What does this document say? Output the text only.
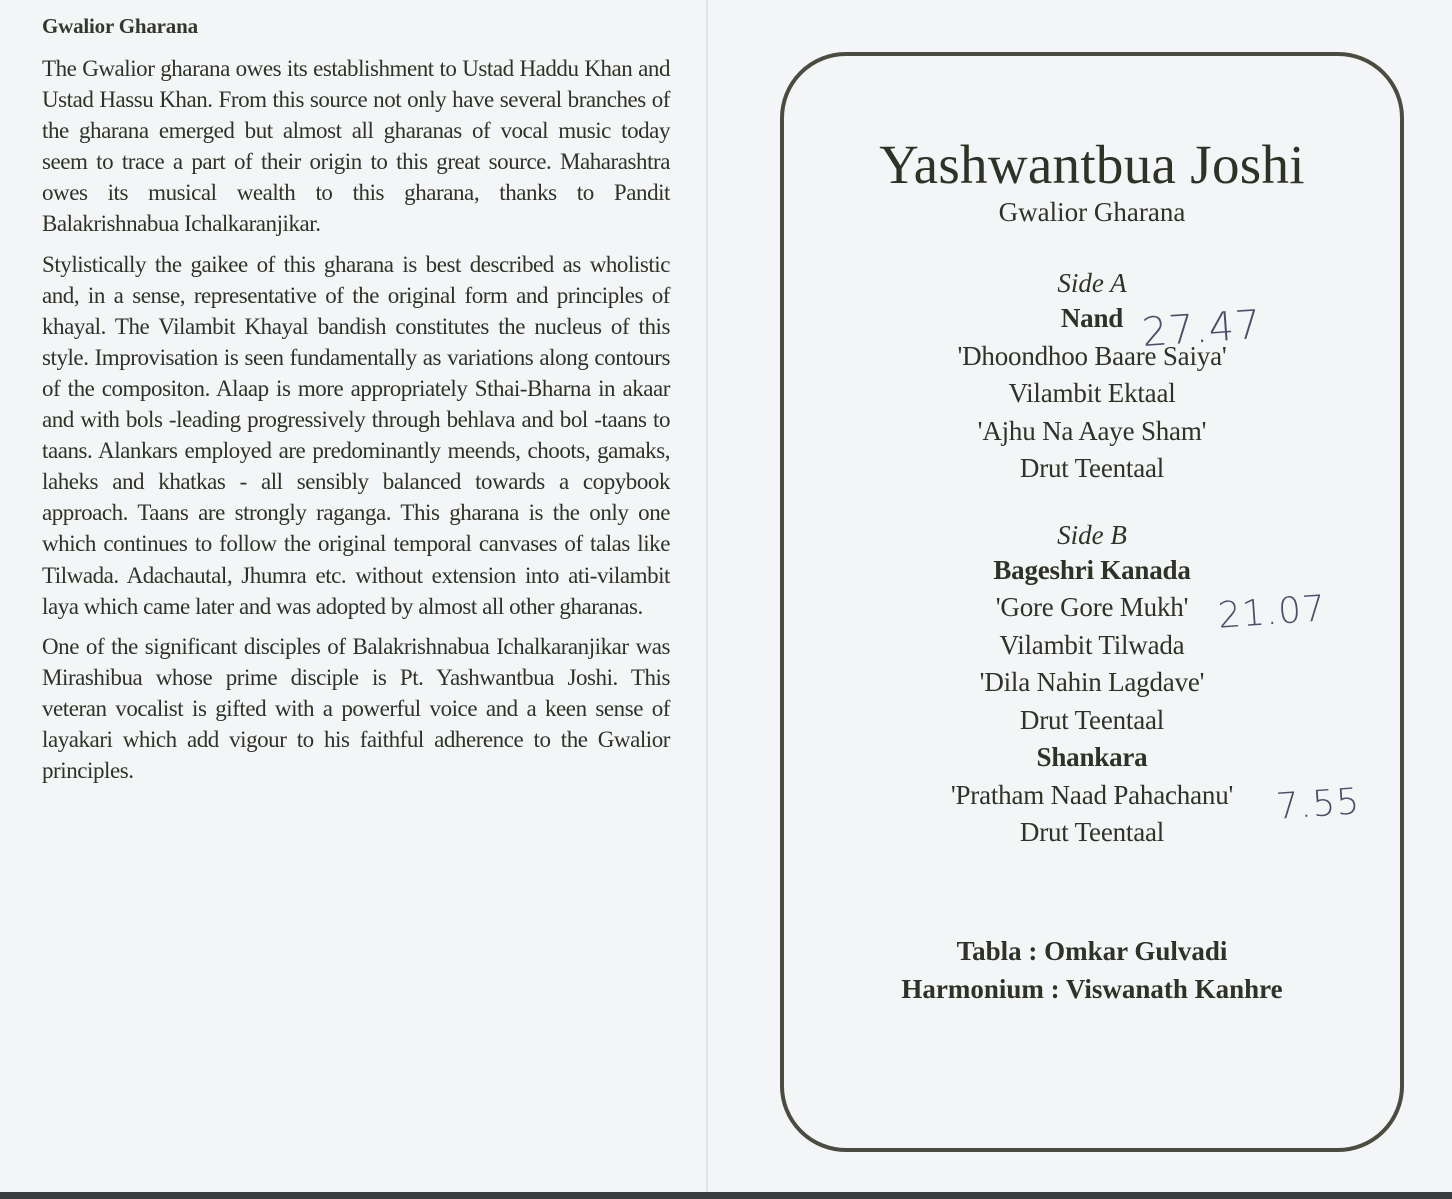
Gwalior Gharana

The Gwalior gharana owes its establishment to Ustad Haddu Khan and Ustad Hassu Khan. From this source not only have several branches of the gharana emerged but almost all gharanas of vocal music today seem to trace a part of their origin to this great source. Maharashtra owes its musical wealth to this gharana, thanks to Pandit Balakrishnabua Ichalkaranjikar.

Stylistically the gaikee of this gharana is best described as wholistic and, in a sense, representative of the original form and principles of khayal. The Vilambit Khayal bandish constitutes the nucleus of this style. Improvisation is seen fundamentally as variations along contours of the compositon. Alaap is more appropriately Sthai-Bharna in akaar and with bols -leading progressively through behlava and bol -taans to taans. Alankars employed are predominantly meends, choots, gamaks, laheks and khatkas - all sensibly balanced towards a copybook approach. Taans are strongly raganga. This gharana is the only one which continues to follow the original temporal canvases of talas like Tilwada. Adachautal, Jhumra etc. without extension into ati-vilambit laya which came later and was adopted by almost all other gharanas.

One of the significant disciples of Balakrishnabua Ichalkaranjikar was Mirashibua whose prime disciple is Pt. Yashwantbua Joshi. This veteran vocalist is gifted with a powerful voice and a keen sense of layakari which add vigour to his faithful adherence to the Gwalior principles.

Yashwantbua Joshi
Gwalior Gharana
Side A
Nand
'Dhoondhoo Baare Saiya'
Vilambit Ektaal
'Ajhu Na Aaye Sham'
Drut Teentaal
Side B
Bageshri Kanada
'Gore Gore Mukh'
Vilambit Tilwada
'Dila Nahin Lagdave'
Drut Teentaal
Shankara
'Pratham Naad Pahachanu'
Drut Teentaal
Tabla : Omkar Gulvadi
Harmonium : Viswanath Kanhre
27.47
21.07
7.55
